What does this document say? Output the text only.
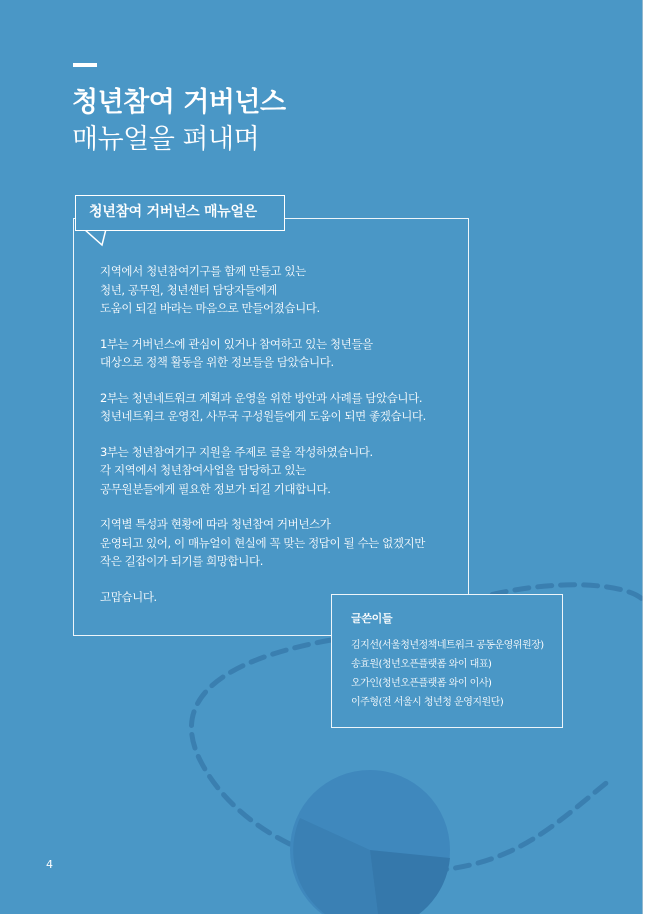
청년참여 거버넌스
매뉴얼을 펴내며
청년참여 거버넌스 매뉴얼은

지역에서 청년참여기구를 함께 만들고 있는
청년, 공무원, 청년센터 담당자들에게
도움이 되길 바라는 마음으로 만들어졌습니다.

1부는 거버넌스에 관심이 있거나 참여하고 있는 청년들을
대상으로 정책 활동을 위한 정보들을 담았습니다.

2부는 청년네트워크 계획과 운영을 위한 방안과 사례를 담았습니다.
청년네트워크 운영진, 사무국 구성원들에게 도움이 되면 좋겠습니다.

3부는 청년참여기구 지원을 주제로 글을 작성하였습니다.
각 지역에서 청년참여사업을 담당하고 있는
공무원분들에게 필요한 정보가 되길 기대합니다.

지역별 특성과 현황에 따라 청년참여 거버넌스가
운영되고 있어, 이 매뉴얼이 현실에 꼭 맞는 정답이 될 수는 없겠지만
작은 길잡이가 되기를 희망합니다.

고맙습니다.

글쓴이들
김지선(서울청년정책네트워크 공동운영위원장)
송효원(청년오픈플랫폼 와이 대표)
오가인(청년오픈플랫폼 와이 이사)
이주형(전 서울시 청년청 운영지원단)
4
